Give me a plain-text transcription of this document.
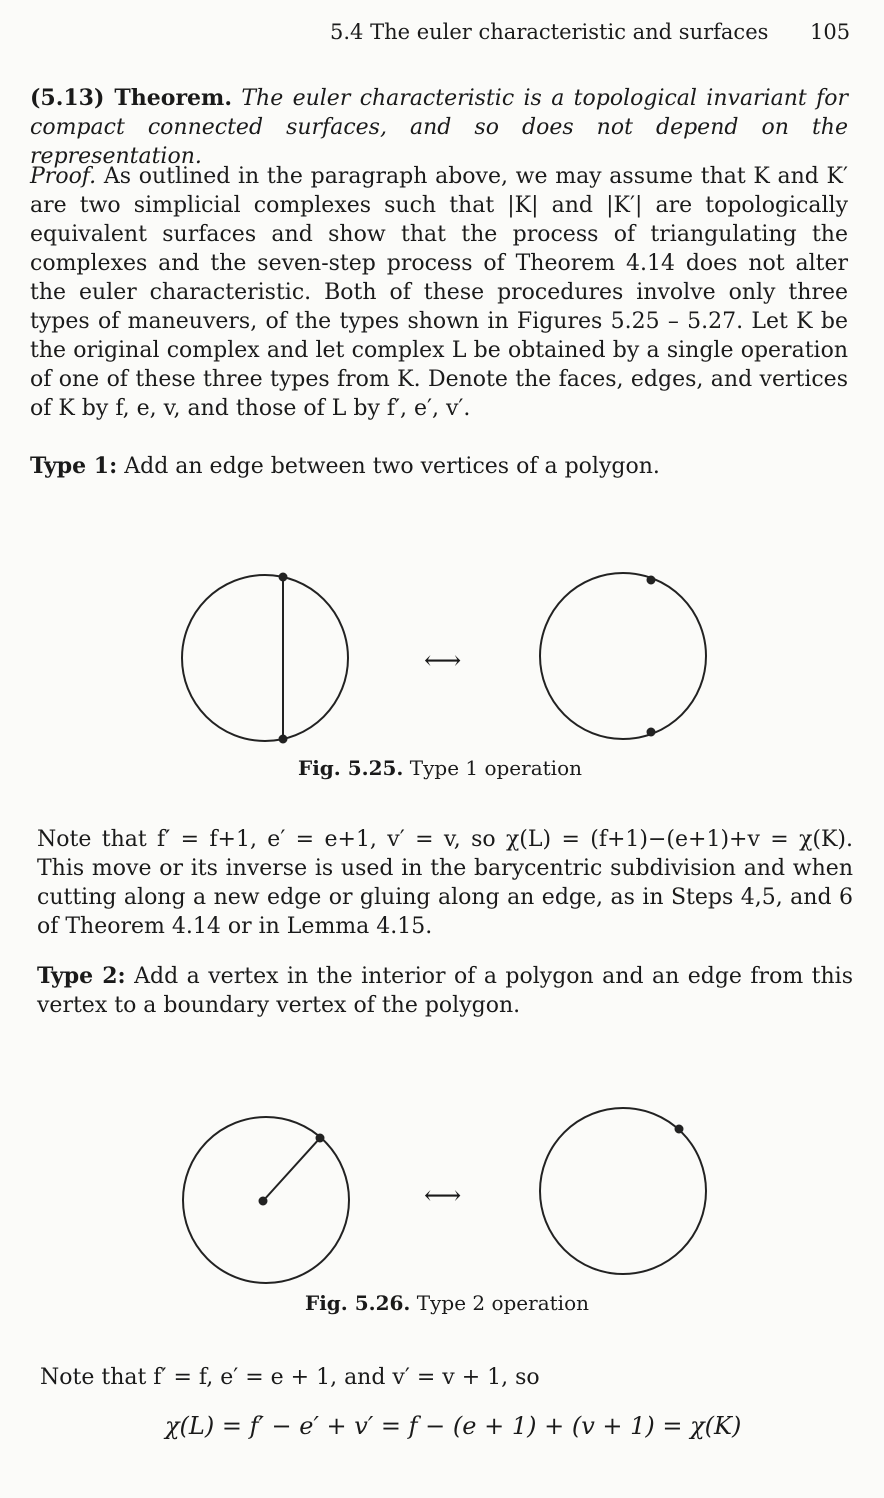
5.4 The euler characteristic and surfaces 105

(5.13) Theorem. The euler characteristic is a topological invariant for compact connected surfaces, and so does not depend on the representation.

Proof. As outlined in the paragraph above, we may assume that K and K′ are two simplicial complexes such that |K| and |K′| are topologically equivalent surfaces and show that the process of triangulating the complexes and the seven-step process of Theorem 4.14 does not alter the euler characteristic. Both of these procedures involve only three types of maneuvers, of the types shown in Figures 5.25 – 5.27. Let K be the original complex and let complex L be obtained by a single operation of one of these three types from K. Denote the faces, edges, and vertices of K by f, e, v, and those of L by f′, e′, v′.

Type 1: Add an edge between two vertices of a polygon.

⟷
Fig. 5.25. Type 1 operation

Note that f′ = f+1, e′ = e+1, v′ = v, so χ(L) = (f+1)−(e+1)+v = χ(K). This move or its inverse is used in the barycentric subdivision and when cutting along a new edge or gluing along an edge, as in Steps 4,5, and 6 of Theorem 4.14 or in Lemma 4.15.

Type 2: Add a vertex in the interior of a polygon and an edge from this vertex to a boundary vertex of the polygon.

⟷
Fig. 5.26. Type 2 operation

Note that f′ = f, e′ = e + 1, and v′ = v + 1, so

χ(L) = f′ − e′ + v′ = f − (e + 1) + (v + 1) = χ(K)
